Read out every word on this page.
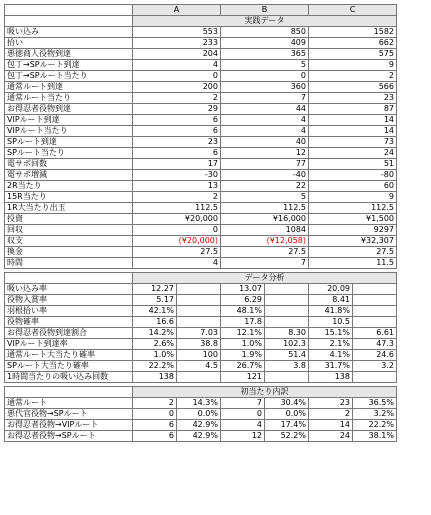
	A		B		C	
	実践データ					
吸い込み	553		850		1582	
拾い	233		409		662	
悪徳商人役物到達	204		365		575	
包丁→SPルート到達	4		5		9	
包丁→SPルート当たり	0		0		2	
通常ルート到達	200		360		566	
通常ルート当たり	2		7		23	
お得忍者役物到達	29		44		87	
VIPルート到達	6		4		14	
VIPルート当たり	6		4		14	
SPルート到達	23		40		73	
SPルート当たり	6		12		24	
電サポ回数	17		77		51	
電サポ増減	-30		-40		-80	
2R当たり	13		22		60	
15R当たり	2		5		9	
1R大当たり出玉	112.5		112.5		112.5	
投資	¥20,000		¥16,000		¥1,500	
回収	0		1084		9297	
収支	(¥20,000)		(¥12,058)		¥32,307	
換金	27.5		27.5		27.5	
時間	4		7		11.5	

	データ分析					
吸い込み率	12.27		13.07		20.09	
役物入賞率	5.17		6.29		8.41	
羽根拾い率	42.1%		48.1%		41.8%	
役物確率	16.6		17.8		10.5	
お得忍者役物到達割合	14.2%	7.03	12.1%	8.30	15.1%	6.61
VIPルート到達率	2.6%	38.8	1.0%	102.3	2.1%	47.3
通常ルート大当たり確率	1.0%	100	1.9%	51.4	4.1%	24.6
SPルート大当たり確率	22.2%	4.5	26.7%	3.8	31.7%	3.2
1時間当たりの吸い込み回数	138		121		138	

	初当たり内訳					
通常ルート	2	14.3%	7	30.4%	23	36.5%
悪代官役物→SPルート	0	0.0%	0	0.0%	2	3.2%
お得忍者役物→VIPルート	6	42.9%	4	17.4%	14	22.2%
お得忍者役物→SPルート	6	42.9%	12	52.2%	24	38.1%
